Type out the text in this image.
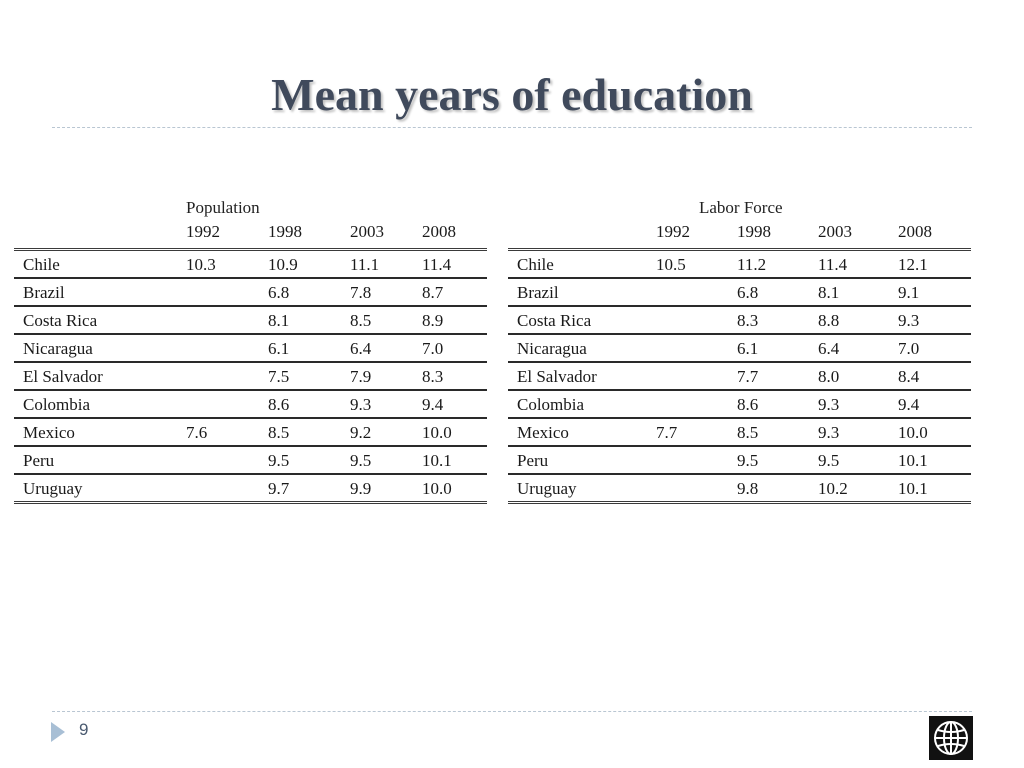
Mean years of education
Population
1992	1998	2003 2008
Chile	10.3	10.9	11.1	11.4
Brazil		6.8	7.8	8.7
Costa Rica		8.1	8.5	8.9
Nicaragua		6.1	6.4	7.0
El Salvador		7.5	7.9	8.3
Colombia		8.6	9.3	9.4
Mexico	7.6	8.5	9.2	10.0
Peru		9.5	9.5	10.1
Uruguay		9.7	9.9	10.0
Labor Force
1992	1998	2003	2008
Chile	10.5	11.2	11.4	12.1
Brazil		6.8	8.1	9.1
Costa Rica		8.3	8.8	9.3
Nicaragua		6.1	6.4	7.0
El Salvador		7.7	8.0	8.4
Colombia		8.6	9.3	9.4
Mexico	7.7	8.5	9.3	10.0
Peru		9.5	9.5	10.1
Uruguay		9.8	10.2	10.1
9
